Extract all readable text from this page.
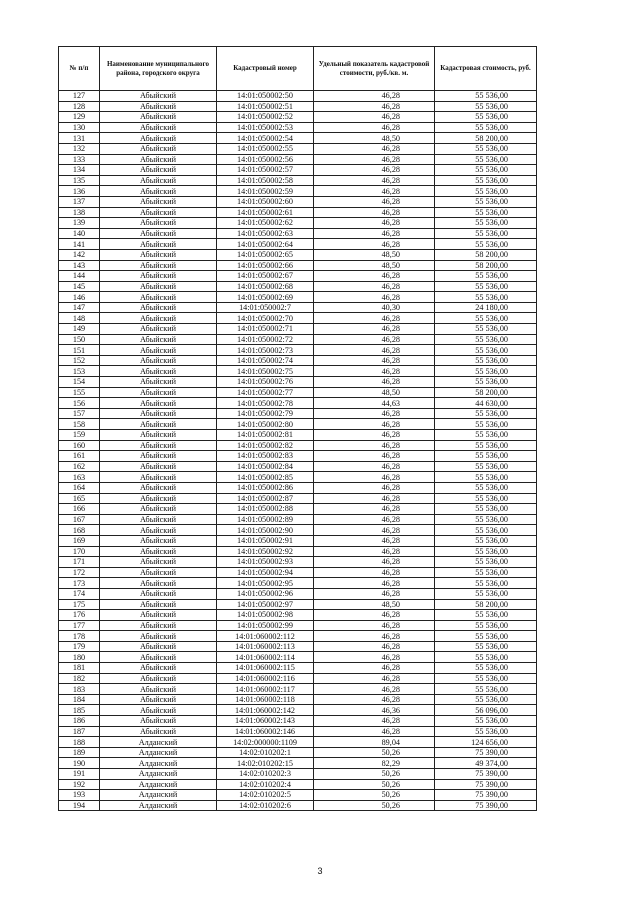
№ п/п	Наименование муниципального района, городского округа	Кадастровый номер	Удельный показатель кадастровой стоимости, руб./кв. м.	Кадастровая стоимость, руб.
127	Абыйский	14:01:050002:50	46,28	55 536,00
128	Абыйский	14:01:050002:51	46,28	55 536,00
129	Абыйский	14:01:050002:52	46,28	55 536,00
130	Абыйский	14:01:050002:53	46,28	55 536,00
131	Абыйский	14:01:050002:54	48,50	58 200,00
132	Абыйский	14:01:050002:55	46,28	55 536,00
133	Абыйский	14:01:050002:56	46,28	55 536,00
134	Абыйский	14:01:050002:57	46,28	55 536,00
135	Абыйский	14:01:050002:58	46,28	55 536,00
136	Абыйский	14:01:050002:59	46,28	55 536,00
137	Абыйский	14:01:050002:60	46,28	55 536,00
138	Абыйский	14:01:050002:61	46,28	55 536,00
139	Абыйский	14:01:050002:62	46,28	55 536,00
140	Абыйский	14:01:050002:63	46,28	55 536,00
141	Абыйский	14:01:050002:64	46,28	55 536,00
142	Абыйский	14:01:050002:65	48,50	58 200,00
143	Абыйский	14:01:050002:66	48,50	58 200,00
144	Абыйский	14:01:050002:67	46,28	55 536,00
145	Абыйский	14:01:050002:68	46,28	55 536,00
146	Абыйский	14:01:050002:69	46,28	55 536,00
147	Абыйский	14:01:050002:7	40,30	24 180,00
148	Абыйский	14:01:050002:70	46,28	55 536,00
149	Абыйский	14:01:050002:71	46,28	55 536,00
150	Абыйский	14:01:050002:72	46,28	55 536,00
151	Абыйский	14:01:050002:73	46,28	55 536,00
152	Абыйский	14:01:050002:74	46,28	55 536,00
153	Абыйский	14:01:050002:75	46,28	55 536,00
154	Абыйский	14:01:050002:76	46,28	55 536,00
155	Абыйский	14:01:050002:77	48,50	58 200,00
156	Абыйский	14:01:050002:78	44,63	44 630,00
157	Абыйский	14:01:050002:79	46,28	55 536,00
158	Абыйский	14:01:050002:80	46,28	55 536,00
159	Абыйский	14:01:050002:81	46,28	55 536,00
160	Абыйский	14:01:050002:82	46,28	55 536,00
161	Абыйский	14:01:050002:83	46,28	55 536,00
162	Абыйский	14:01:050002:84	46,28	55 536,00
163	Абыйский	14:01:050002:85	46,28	55 536,00
164	Абыйский	14:01:050002:86	46,28	55 536,00
165	Абыйский	14:01:050002:87	46,28	55 536,00
166	Абыйский	14:01:050002:88	46,28	55 536,00
167	Абыйский	14:01:050002:89	46,28	55 536,00
168	Абыйский	14:01:050002:90	46,28	55 536,00
169	Абыйский	14:01:050002:91	46,28	55 536,00
170	Абыйский	14:01:050002:92	46,28	55 536,00
171	Абыйский	14:01:050002:93	46,28	55 536,00
172	Абыйский	14:01:050002:94	46,28	55 536,00
173	Абыйский	14:01:050002:95	46,28	55 536,00
174	Абыйский	14:01:050002:96	46,28	55 536,00
175	Абыйский	14:01:050002:97	48,50	58 200,00
176	Абыйский	14:01:050002:98	46,28	55 536,00
177	Абыйский	14:01:050002:99	46,28	55 536,00
178	Абыйский	14:01:060002:112	46,28	55 536,00
179	Абыйский	14:01:060002:113	46,28	55 536,00
180	Абыйский	14:01:060002:114	46,28	55 536,00
181	Абыйский	14:01:060002:115	46,28	55 536,00
182	Абыйский	14:01:060002:116	46,28	55 536,00
183	Абыйский	14:01:060002:117	46,28	55 536,00
184	Абыйский	14:01:060002:118	46,28	55 536,00
185	Абыйский	14:01:060002:142	46,36	56 096,00
186	Абыйский	14:01:060002:143	46,28	55 536,00
187	Абыйский	14:01:060002:146	46,28	55 536,00
188	Алданский	14:02:000000:1109	89,04	124 656,00
189	Алданский	14:02:010202:1	50,26	75 390,00
190	Алданский	14:02:010202:15	82,29	49 374,00
191	Алданский	14:02:010202:3	50,26	75 390,00
192	Алданский	14:02:010202:4	50,26	75 390,00
193	Алданский	14:02:010202:5	50,26	75 390,00
194	Алданский	14:02:010202:6	50,26	75 390,00
3
